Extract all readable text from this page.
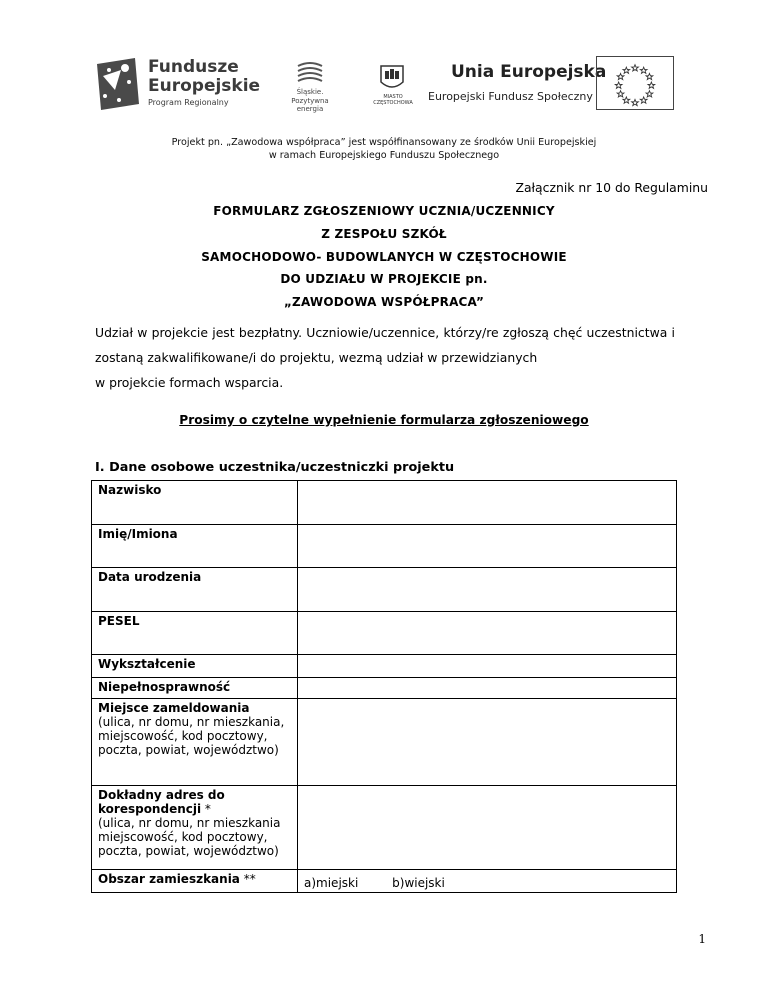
Fundusze
Europejskie
Program Regionalny
Śląskie.
Pozytywna energia
MIASTO
CZĘSTOCHOWA
Unia Europejska
Europejski Fundusz Społeczny
Projekt pn. „Zawodowa współpraca” jest współfinansowany ze środków Unii Europejskiej
w ramach Europejskiego Funduszu Społecznego
Załącznik nr 10 do Regulaminu
FORMULARZ ZGŁOSZENIOWY UCZNIA/UCZENNICY
Z ZESPOŁU SZKÓŁ
SAMOCHODOWO- BUDOWLANYCH W CZĘSTOCHOWIE
DO UDZIAŁU W PROJEKCIE pn.
„ZAWODOWA WSPÓŁPRACA”
Udział w projekcie jest bezpłatny. Uczniowie/uczennice, którzy/re zgłoszą chęć uczestnictwa i zostaną zakwalifikowane/i do projektu, wezmą udział w przewidzianych
w projekcie formach wsparcia.
Prosimy o czytelne wypełnienie formularza zgłoszeniowego
I. Dane osobowe uczestnika/uczestniczki projektu
Nazwisko	
Imię/Imiona	
Data urodzenia	
PESEL	
Wykształcenie	
Niepełnosprawność	
Miejsce zameldowania
(ulica, nr domu, nr mieszkania, miejscowość, kod pocztowy, poczta, powiat, województwo)	
Dokładny adres do korespondencji *
(ulica, nr domu, nr mieszkania miejscowość, kod pocztowy, poczta, powiat, województwo)	
Obszar zamieszkania **	a)miejski b)wiejski
1
